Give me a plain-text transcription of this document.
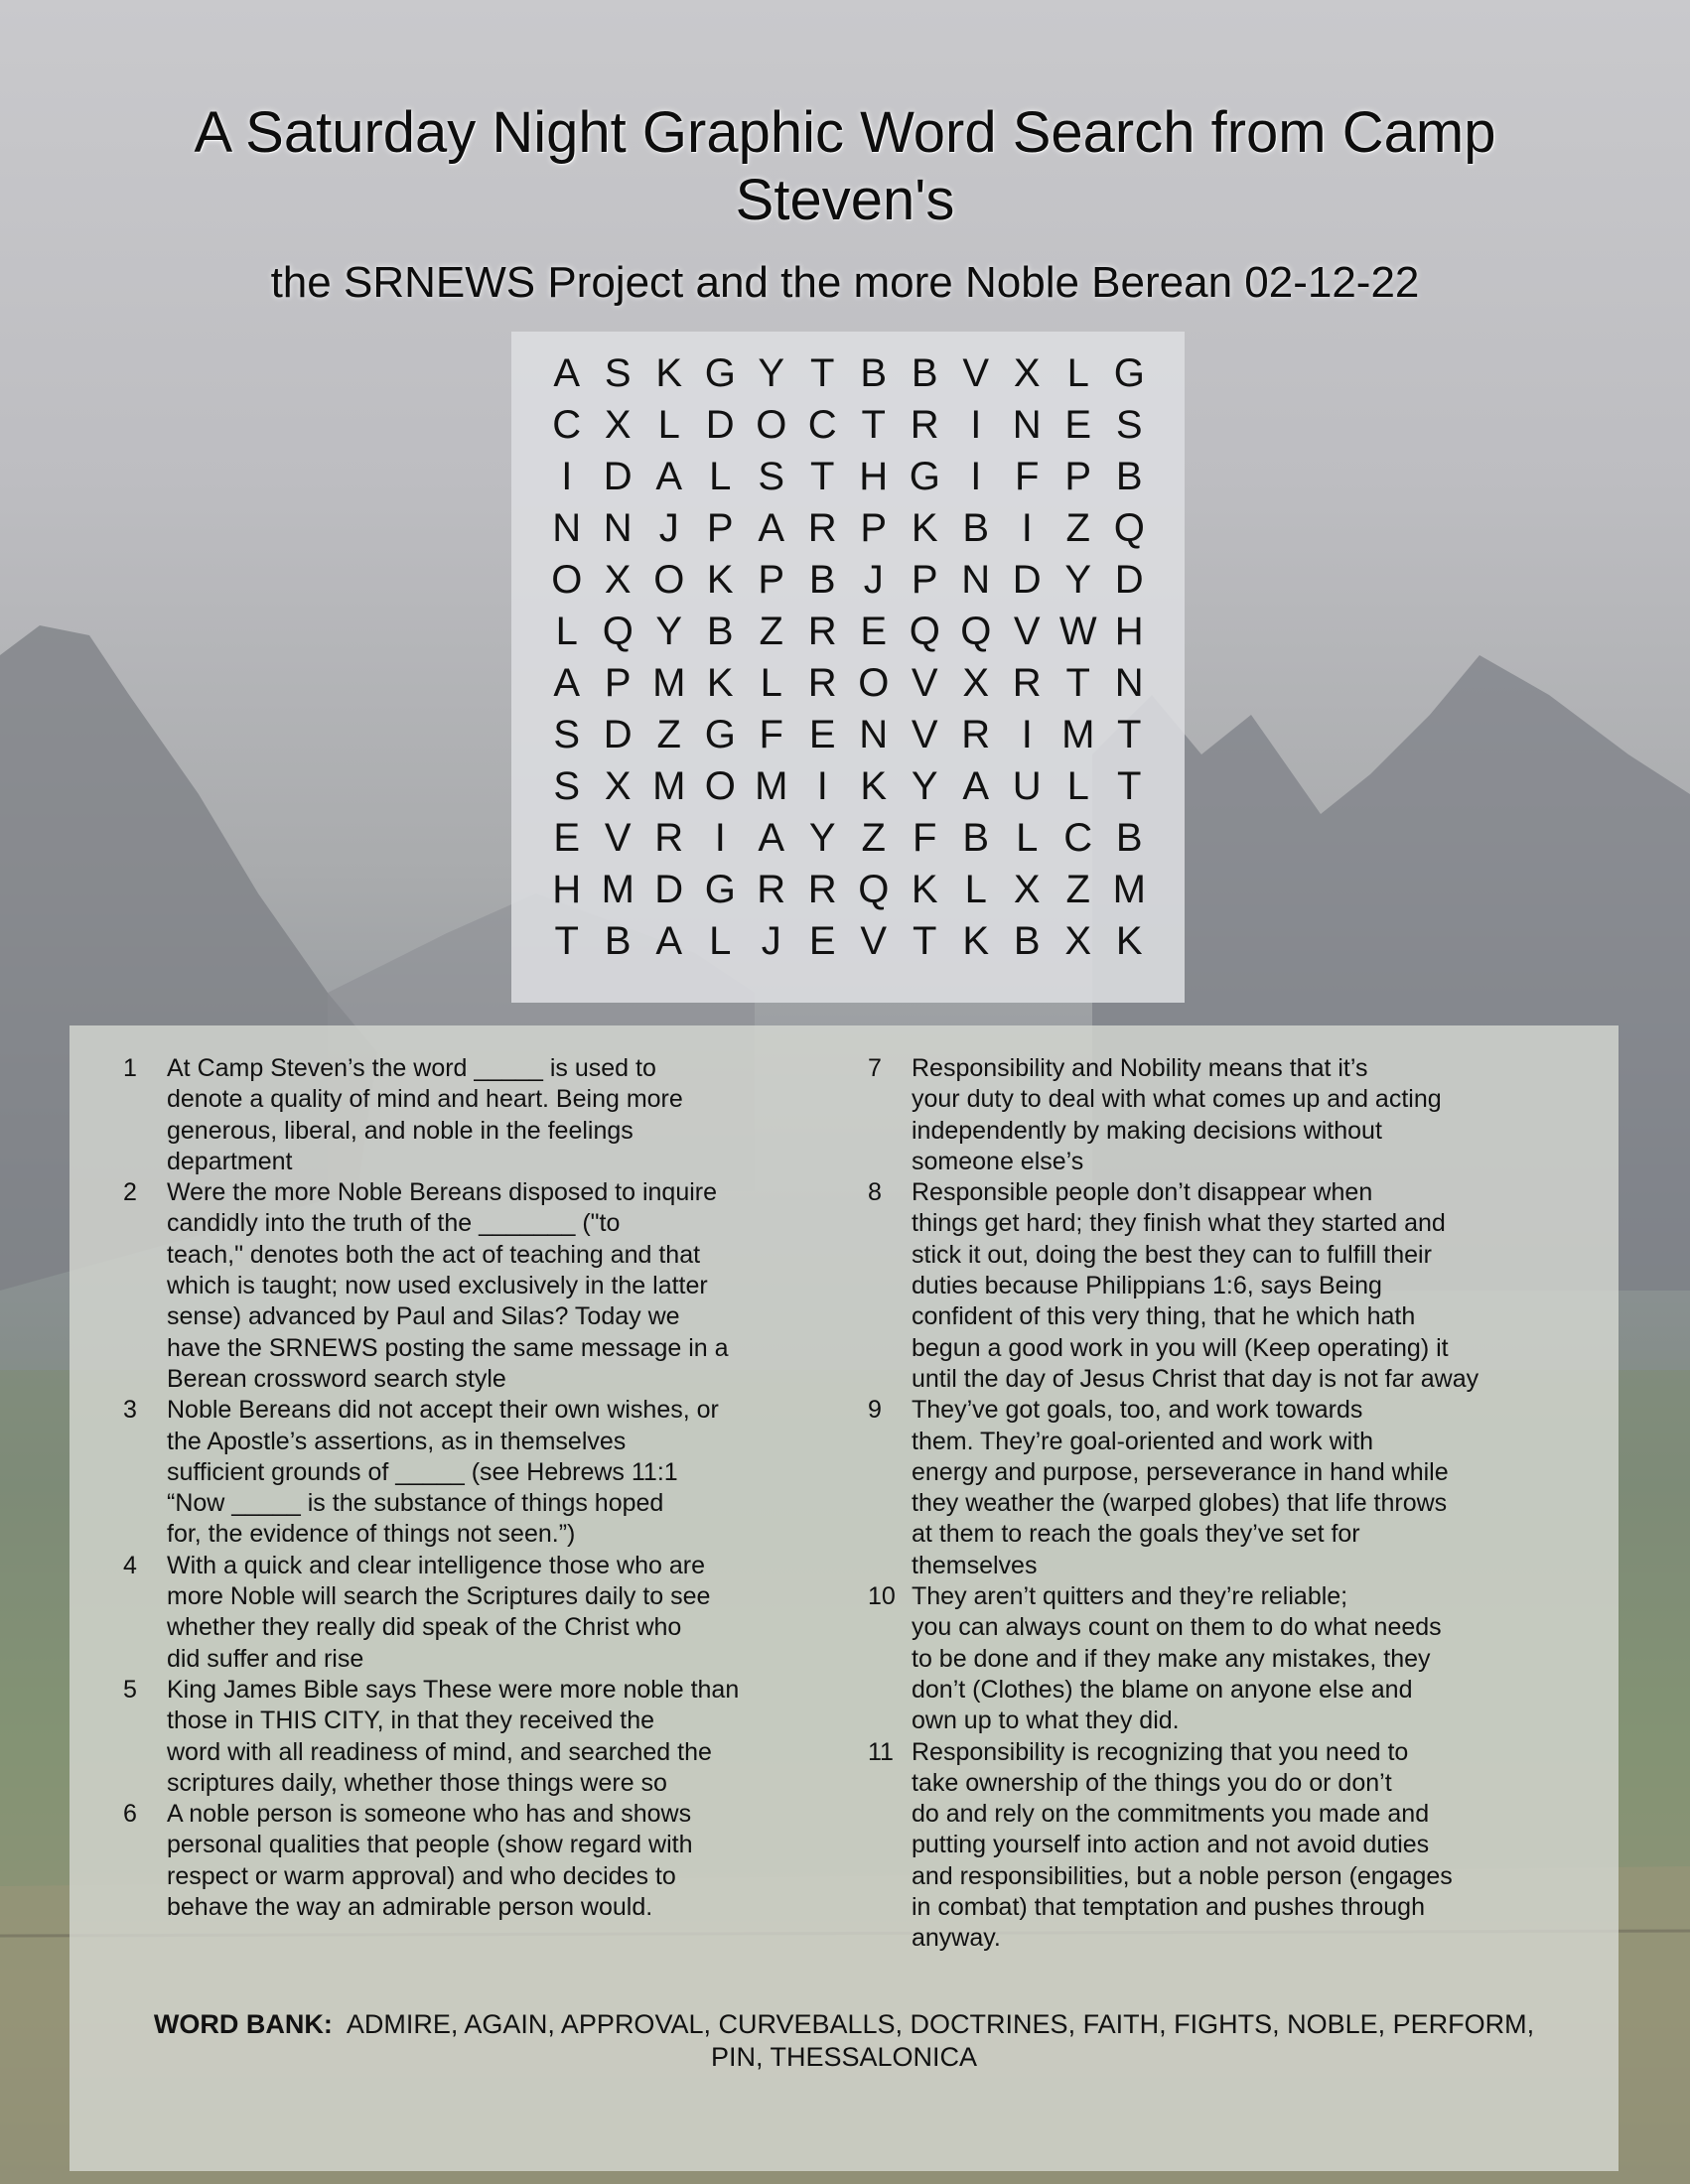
A Saturday Night Graphic Word Search from Camp Steven's
the SRNEWS Project and the more Noble Berean 02-12-22
A S K G Y T B B V X L G
C X L D O C T R I N E S
I D A L S T H G I F P B
N N J P A R P K B I Z Q
O X O K P B J P N D Y D
L Q Y B Z R E Q Q V W H
A P M K L R O V X R T N
S D Z G F E N V R I M T
S X M O M I K Y A U L T
E V R I A Y Z F B L C B
H M D G R R Q K L X Z M
T B A L J E V T K B X K
1	At Camp Steven’s the word _____ is used to
denote a quality of mind and heart. Being more
generous, liberal, and noble in the feelings
department
2	Were the more Noble Bereans disposed to inquire
candidly into the truth of the _______ ("to
teach," denotes both the act of teaching and that
which is taught; now used exclusively in the latter
sense) advanced by Paul and Silas? Today we
have the SRNEWS posting the same message in a
Berean crossword search style
3	Noble Bereans did not accept their own wishes, or
the Apostle’s assertions, as in themselves
sufficient grounds of _____ (see Hebrews 11:1
“Now _____ is the substance of things hoped
for, the evidence of things not seen.”)
4	With a quick and clear intelligence those who are
more Noble will search the Scriptures daily to see
whether they really did speak of the Christ who
did suffer and rise
5	King James Bible says These were more noble than
those in THIS CITY, in that they received the
word with all readiness of mind, and searched the
scriptures daily, whether those things were so
6	A noble person is someone who has and shows
personal qualities that people (show regard with
respect or warm approval) and who decides to
behave the way an admirable person would.
7	Responsibility and Nobility means that it’s
your duty to deal with what comes up and acting
independently by making decisions without
someone else’s
8	Responsible people don’t disappear when
things get hard; they finish what they started and
stick it out, doing the best they can to fulfill their
duties because Philippians 1:6, says Being
confident of this very thing, that he which hath
begun a good work in you will (Keep operating) it
until the day of Jesus Christ that day is not far away
9	They’ve got goals, too, and work towards
them. They’re goal-oriented and work with
energy and purpose, perseverance in hand while
they weather the (warped globes) that life throws
at them to reach the goals they’ve set for
themselves
10 They aren’t quitters and they’re reliable;
you can always count on them to do what needs
to be done and if they make any mistakes, they
don’t (Clothes) the blame on anyone else and
own up to what they did.
11 Responsibility is recognizing that you need to
take ownership of the things you do or don’t
do and rely on the commitments you made and
putting yourself into action and not avoid duties
and responsibilities, but a noble person (engages
in combat) that temptation and pushes through
anyway.
WORD BANK: ADMIRE, AGAIN, APPROVAL, CURVEBALLS, DOCTRINES, FAITH, FIGHTS, NOBLE, PERFORM,
PIN, THESSALONICA
